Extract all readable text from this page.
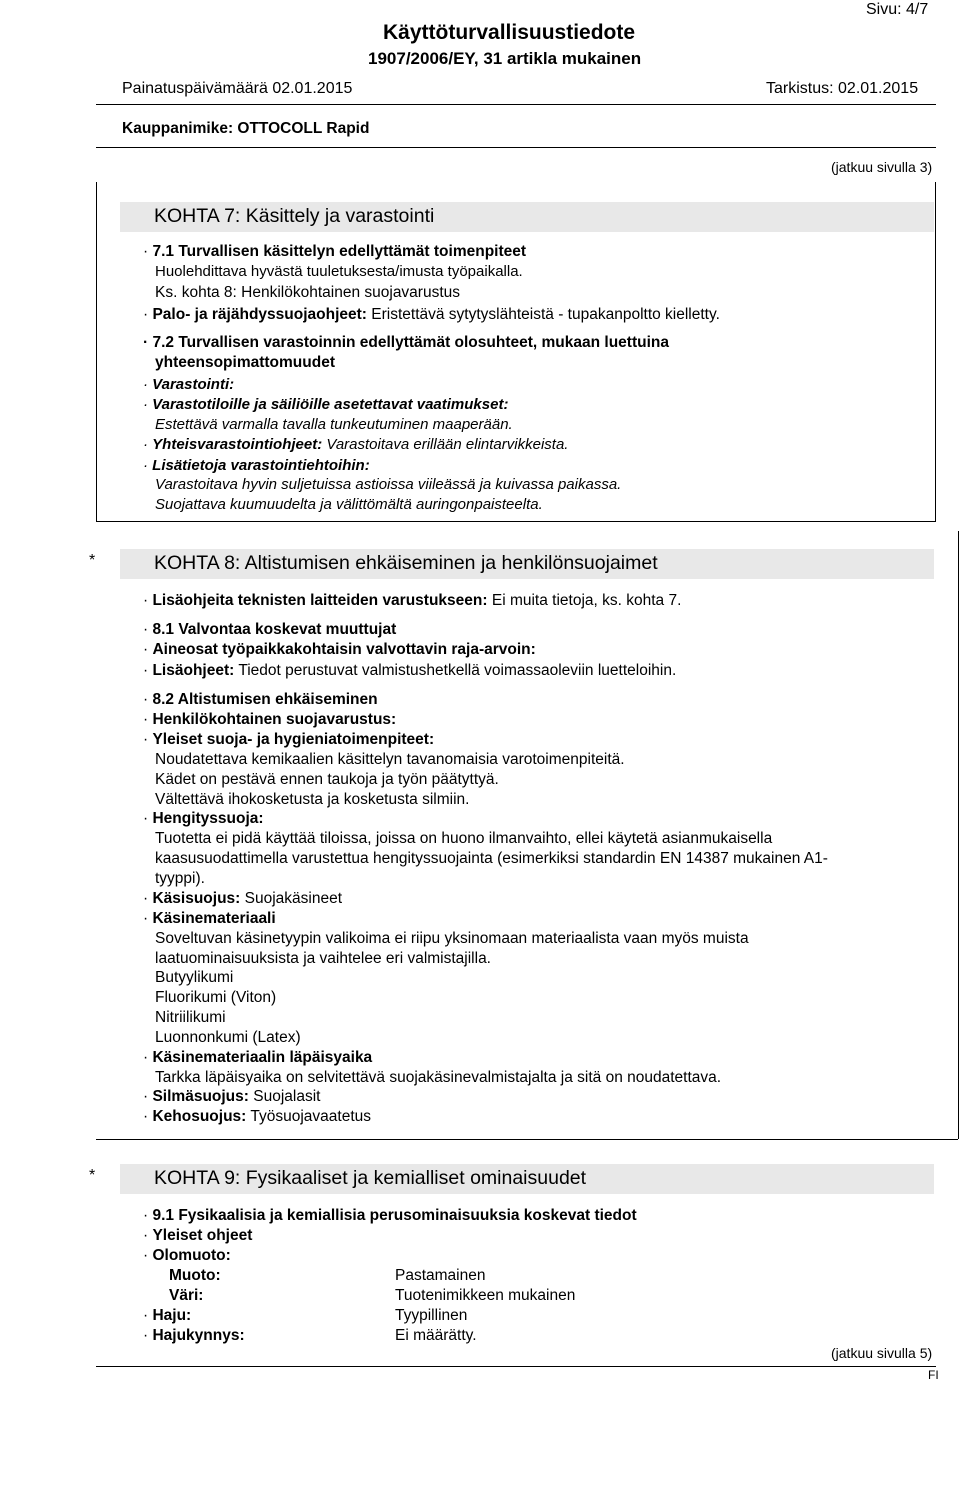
Sivu: 4/7
Käyttöturvallisuustiedote
1907/2006/EY, 31 artikla mukainen
Painatuspäivämäärä 02.01.2015	Tarkistus: 02.01.2015
Kauppanimike: OTTOCOLL Rapid
(jatkuu sivulla 3)
KOHTA 7: Käsittely ja varastointi
· 7.1 Turvallisen käsittelyn edellyttämät toimenpiteet
Huolehdittava hyvästä tuuletuksesta/imusta työpaikalla.
Ks. kohta 8: Henkilökohtainen suojavarustus
· Palo- ja räjähdyssuojaohjeet: Eristettävä sytytyslähteistä - tupakanpoltto kielletty.
· 7.2 Turvallisen varastoinnin edellyttämät olosuhteet, mukaan luettuina
yhteensopimattomuudet
· Varastointi:
· Varastotiloille ja säiliöille asetettavat vaatimukset:
Estettävä varmalla tavalla tunkeutuminen maaperään.
· Yhteisvarastointiohjeet: Varastoitava erillään elintarvikkeista.
· Lisätietoja varastointiehtoihin:
Varastoitava hyvin suljetuissa astioissa viileässä ja kuivassa paikassa.
Suojattava kuumuudelta ja välittömältä auringonpaisteelta.
*	KOHTA 8: Altistumisen ehkäiseminen ja henkilönsuojaimet
· Lisäohjeita teknisten laitteiden varustukseen: Ei muita tietoja, ks. kohta 7.
· 8.1 Valvontaa koskevat muuttujat
· Aineosat työpaikkakohtaisin valvottavin raja-arvoin:
· Lisäohjeet: Tiedot perustuvat valmistushetkellä voimassaoleviin luetteloihin.
· 8.2 Altistumisen ehkäiseminen
· Henkilökohtainen suojavarustus:
· Yleiset suoja- ja hygieniatoimenpiteet:
Noudatettava kemikaalien käsittelyn tavanomaisia varotoimenpiteitä.
Kädet on pestävä ennen taukoja ja työn päätyttyä.
Vältettävä ihokosketusta ja kosketusta silmiin.
· Hengityssuoja:
Tuotetta ei pidä käyttää tiloissa, joissa on huono ilmanvaihto, ellei käytetä asianmukaisella
kaasusuodattimella varustettua hengityssuojainta (esimerkiksi standardin EN 14387 mukainen A1-
tyyppi).
· Käsisuojus: Suojakäsineet
· Käsinemateriaali
Soveltuvan käsinetyypin valikoima ei riipu yksinomaan materiaalista vaan myös muista
laatuominaisuuksista ja vaihtelee eri valmistajilla.
Butyylikumi
Fluorikumi (Viton)
Nitriilikumi
Luonnonkumi (Latex)
· Käsinemateriaalin läpäisyaika
Tarkka läpäisyaika on selvitettävä suojakäsinevalmistajalta ja sitä on noudatettava.
· Silmäsuojus: Suojalasit
· Kehosuojus: Työsuojavaatetus
*	KOHTA 9: Fysikaaliset ja kemialliset ominaisuudet
· 9.1 Fysikaalisia ja kemiallisia perusominaisuuksia koskevat tiedot
· Yleiset ohjeet
· Olomuoto:
Muoto:	Pastamainen
Väri:	Tuotenimikkeen mukainen
· Haju:	Tyypillinen
· Hajukynnys:	Ei määrätty.
(jatkuu sivulla 5)
FI
